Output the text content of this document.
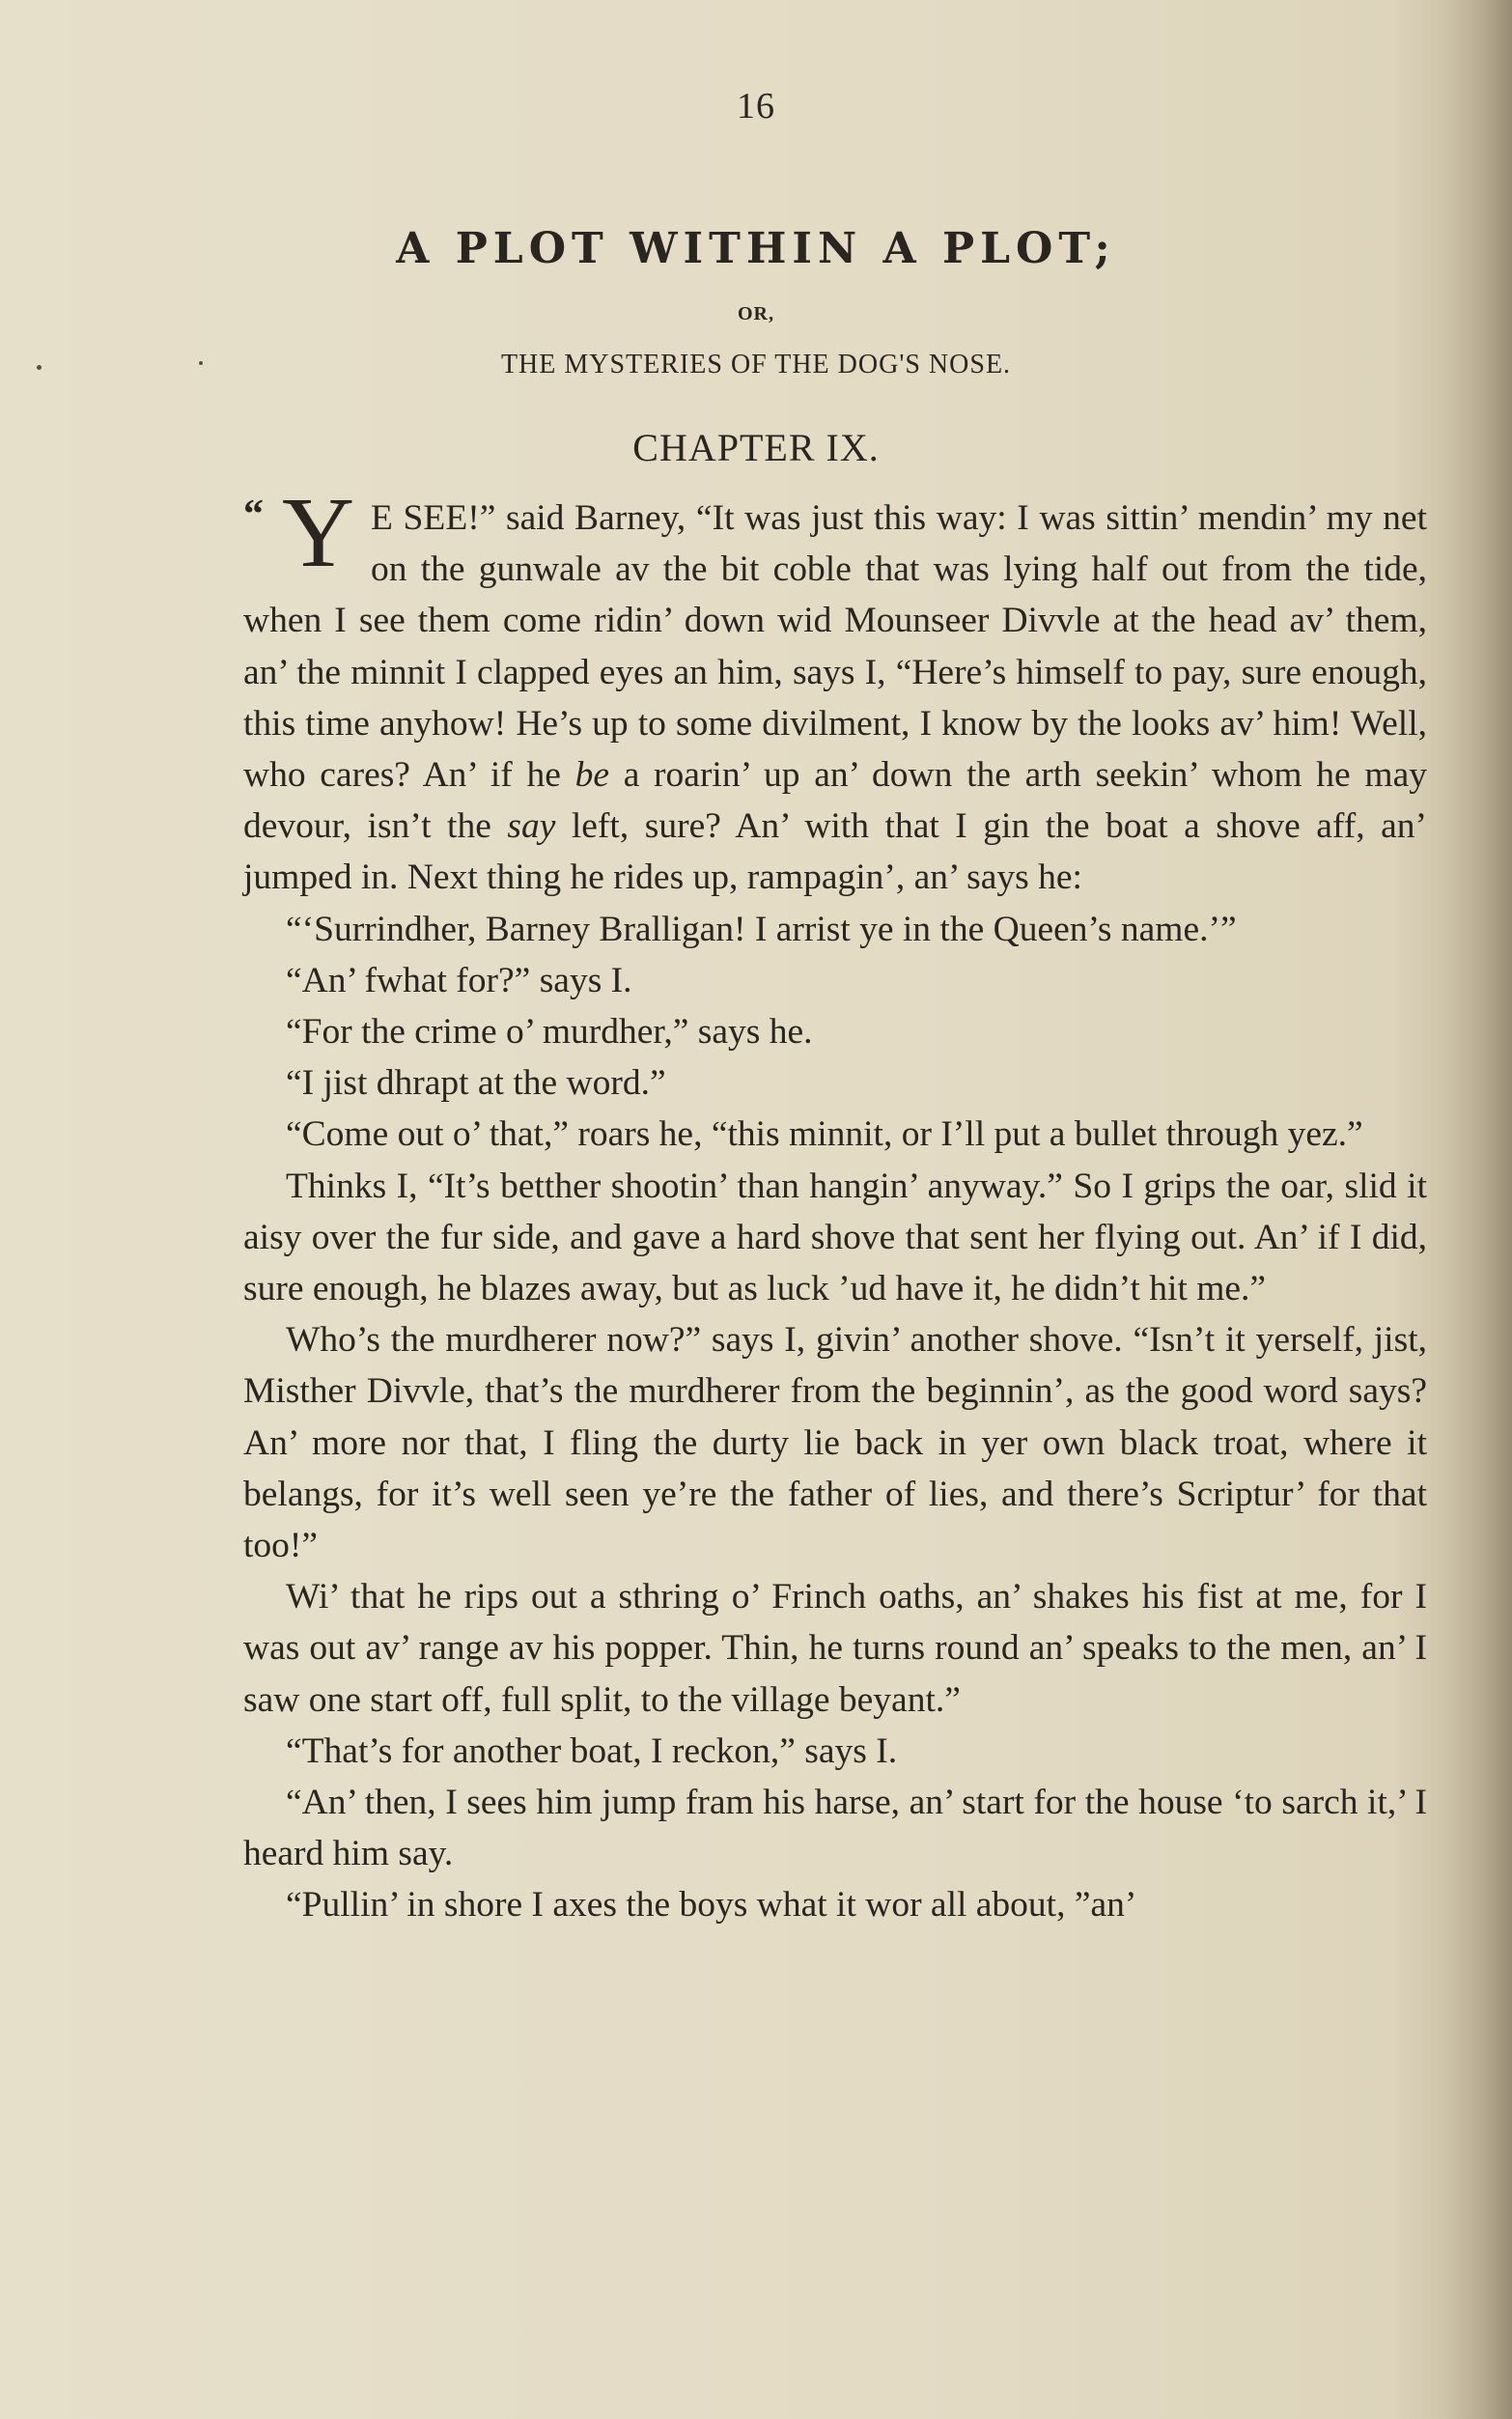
16
A PLOT WITHIN A PLOT;
OR,
THE MYSTERIES OF THE DOG'S NOSE.
CHAPTER IX.

“ Y E SEE!” said Barney, “It was just this way: I was sittin’ mendin’ my net on the gunwale av the bit coble that was lying half out from the tide, when I see them come ridin’ down wid Mounseer Divvle at the head av’ them, an’ the minnit I clapped eyes an him, says I, “Here’s himself to pay, sure enough, this time anyhow! He’s up to some divilment, I know by the looks av’ him! Well, who cares? An’ if he be a roarin’ up an’ down the arth seekin’ whom he may devour, isn’t the say left, sure? An’ with that I gin the boat a shove aff, an’ jumped in. Next thing he rides up, rampagin’, an’ says he:

“‘Surrindher, Barney Bralligan! I arrist ye in the Queen’s name.’”

“An’ fwhat for?” says I.

“For the crime o’ murdher,” says he.

“I jist dhrapt at the word.”

“Come out o’ that,” roars he, “this minnit, or I’ll put a bullet through yez.”

Thinks I, “It’s betther shootin’ than hangin’ anyway.” So I grips the oar, slid it aisy over the fur side, and gave a hard shove that sent her flying out. An’ if I did, sure enough, he blazes away, but as luck ’ud have it, he didn’t hit me.”

Who’s the murdherer now?” says I, givin’ another shove. “Isn’t it yerself, jist, Misther Divvle, that’s the murdherer from the beginnin’, as the good word says? An’ more nor that, I fling the durty lie back in yer own black troat, where it belangs, for it’s well seen ye’re the father of lies, and there’s Scriptur’ for that too!”

Wi’ that he rips out a sthring o’ Frinch oaths, an’ shakes his fist at me, for I was out av’ range av his popper. Thin, he turns round an’ speaks to the men, an’ I saw one start off, full split, to the village beyant.”

“That’s for another boat, I reckon,” says I.

“An’ then, I sees him jump fram his harse, an’ start for the house ‘to sarch it,’ I heard him say.

“Pullin’ in shore I axes the boys what it wor all about, ”an’
